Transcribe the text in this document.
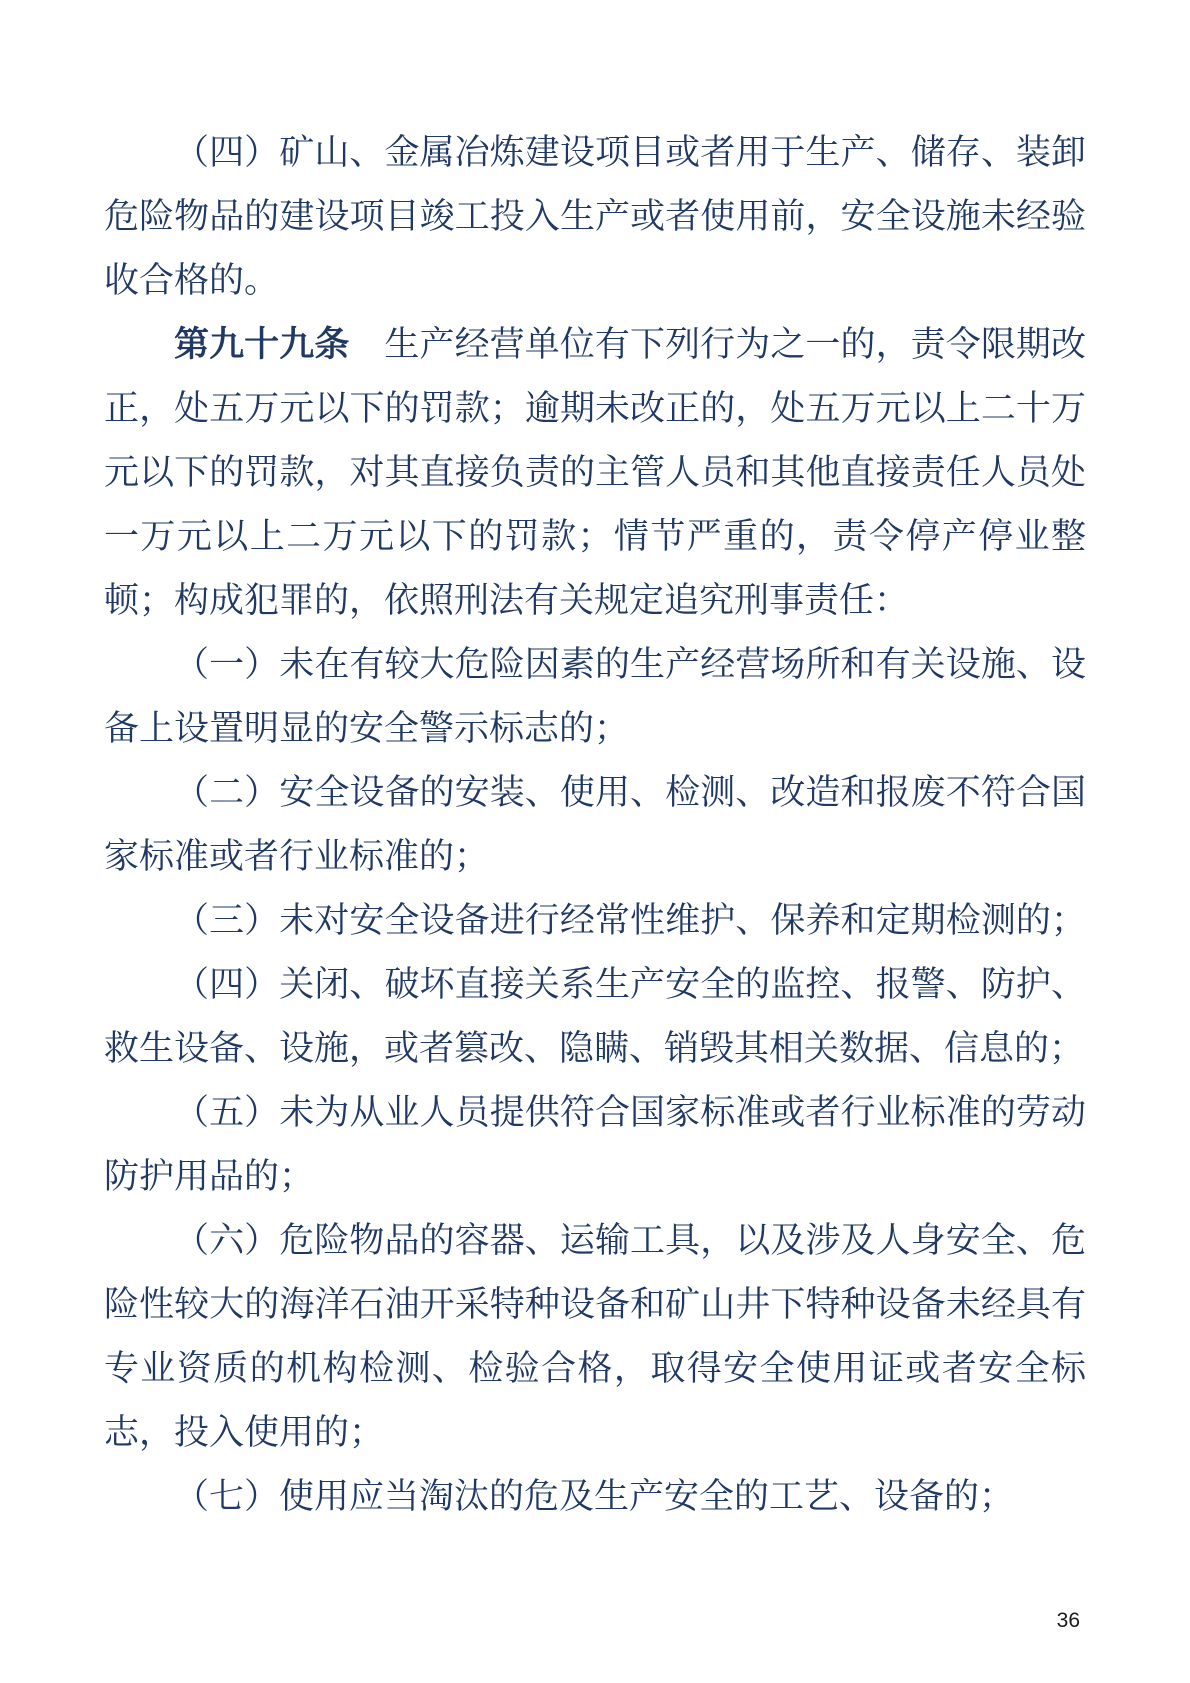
（四）矿山、金属冶炼建设项目或者用于生产、储存、装卸危险物品的建设项目竣工投入生产或者使用前，安全设施未经验收合格的。

第九十九条 生产经营单位有下列行为之一的，责令限期改正，处五万元以下的罚款；逾期未改正的，处五万元以上二十万元以下的罚款，对其直接负责的主管人员和其他直接责任人员处一万元以上二万元以下的罚款；情节严重的，责令停产停业整顿；构成犯罪的，依照刑法有关规定追究刑事责任：

（一）未在有较大危险因素的生产经营场所和有关设施、设备上设置明显的安全警示标志的；

（二）安全设备的安装、使用、检测、改造和报废不符合国家标准或者行业标准的；

（三）未对安全设备进行经常性维护、保养和定期检测的；

（四）关闭、破坏直接关系生产安全的监控、报警、防护、救生设备、设施，或者篡改、隐瞒、销毁其相关数据、信息的；

（五）未为从业人员提供符合国家标准或者行业标准的劳动防护用品的；

（六）危险物品的容器、运输工具，以及涉及人身安全、危险性较大的海洋石油开采特种设备和矿山井下特种设备未经具有专业资质的机构检测、检验合格，取得安全使用证或者安全标志，投入使用的；

（七）使用应当淘汰的危及生产安全的工艺、设备的；

36
